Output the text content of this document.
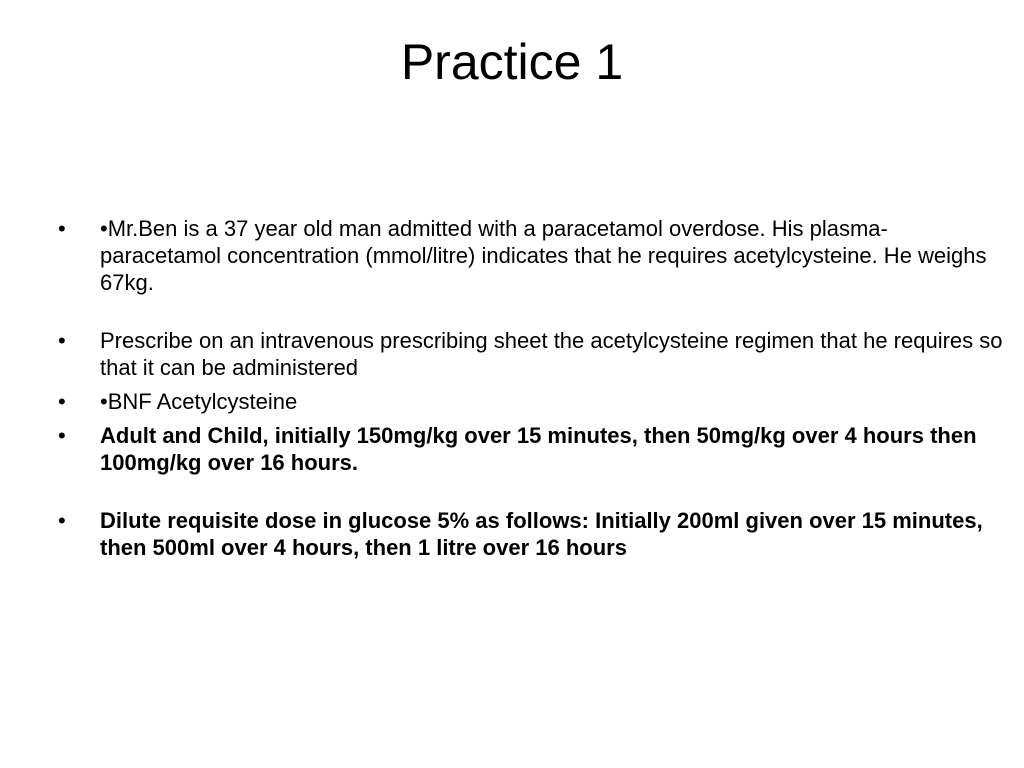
Practice 1
•	•Mr.Ben is a 37 year old man admitted with a paracetamol overdose. His plasma-paracetamol concentration (mmol/litre) indicates that he requires acetylcysteine. He weighs 67kg.
•	Prescribe on an intravenous prescribing sheet the acetylcysteine regimen that he requires so that it can be administered
•	•BNF Acetylcysteine
•	Adult and Child, initially 150mg/kg over 15 minutes, then 50mg/kg over 4 hours then 100mg/kg over 16 hours.
•	Dilute requisite dose in glucose 5% as follows: Initially 200ml given over 15 minutes, then 500ml over 4 hours, then 1 litre over 16 hours
